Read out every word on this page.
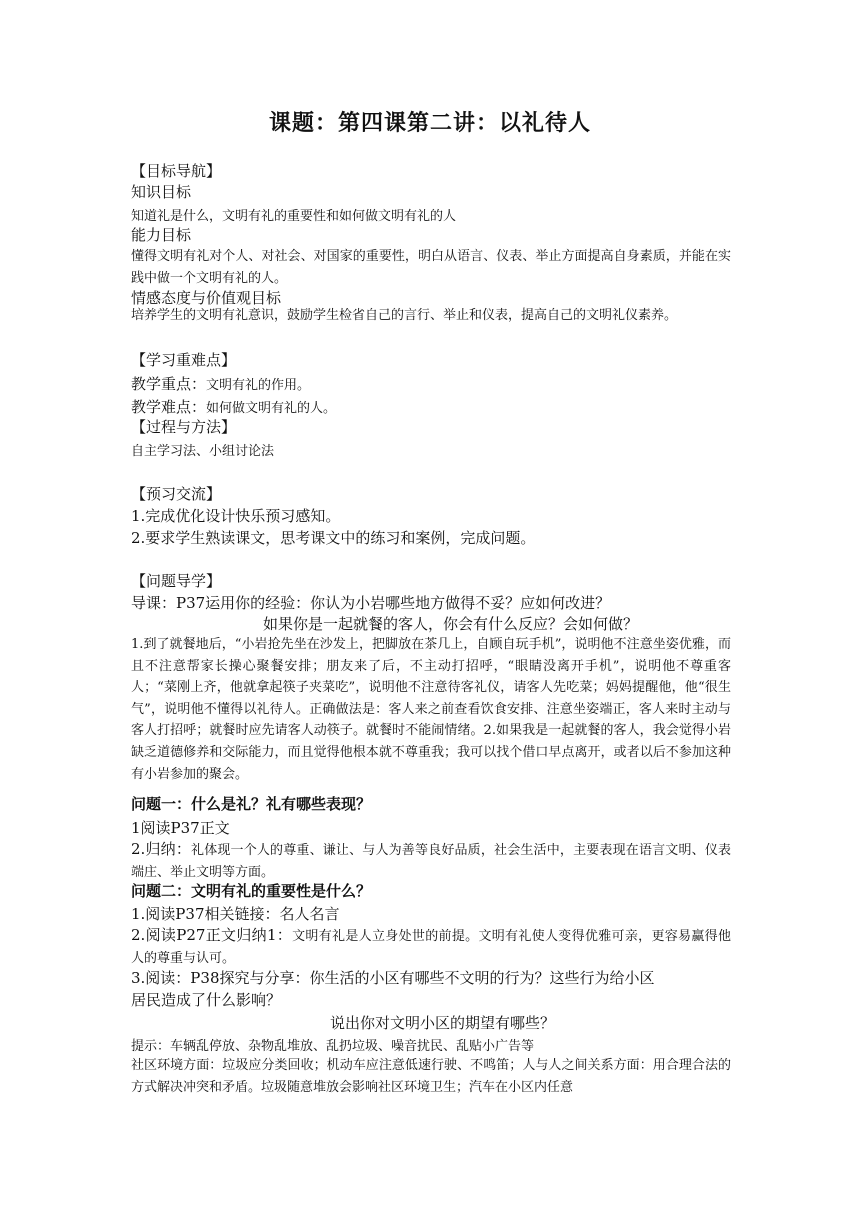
课题：第四课第二讲：以礼待人
【目标导航】
知识目标
知道礼是什么，文明有礼的重要性和如何做文明有礼的人
能力目标
懂得文明有礼对个人、对社会、对国家的重要性，明白从语言、仪表、举止方面提高自身素质，并能在实践中做一个文明有礼的人。
情感态度与价值观目标
培养学生的文明有礼意识，鼓励学生检省自己的言行、举止和仪表，提高自己的文明礼仪素养。
【学习重难点】
教学重点：文明有礼的作用。
教学难点：如何做文明有礼的人。
【过程与方法】
自主学习法、小组讨论法
【预习交流】
1.完成优化设计快乐预习感知。
2.要求学生熟读课文，思考课文中的练习和案例，完成问题。
【问题导学】
导课：P37运用你的经验：你认为小岩哪些地方做得不妥？应如何改进？
如果你是一起就餐的客人，你会有什么反应？会如何做？
1.到了就餐地后，“小岩抢先坐在沙发上，把脚放在茶几上，自顾自玩手机”，说明他不注意坐姿优雅，而且不注意帮家长操心聚餐安排；朋友来了后，不主动打招呼，“眼睛没离开手机”，说明他不尊重客人；“菜刚上齐，他就拿起筷子夹菜吃”，说明他不注意待客礼仪，请客人先吃菜；妈妈提醒他，他“很生气”，说明他不懂得以礼待人。正确做法是：客人来之前查看饮食安排、注意坐姿端正，客人来时主动与客人打招呼；就餐时应先请客人动筷子。就餐时不能闹情绪。2.如果我是一起就餐的客人，我会觉得小岩缺乏道德修养和交际能力，而且觉得他根本就不尊重我；我可以找个借口早点离开，或者以后不参加这种有小岩参加的聚会。
问题一：什么是礼？礼有哪些表现？
1阅读P37正文
2.归纳：礼体现一个人的尊重、谦让、与人为善等良好品质，社会生活中，主要表现在语言文明、仪表端庄、举止文明等方面。
问题二：文明有礼的重要性是什么？
1.阅读P37相关链接：名人名言
2.阅读P27正文归纳1：文明有礼是人立身处世的前提。文明有礼使人变得优雅可亲，更容易赢得他人的尊重与认可。
3.阅读：P38探究与分享：你生活的小区有哪些不文明的行为？这些行为给小区
居民造成了什么影响？
说出你对文明小区的期望有哪些？
提示：车辆乱停放、杂物乱堆放、乱扔垃圾、噪音扰民、乱贴小广告等
社区环境方面：垃圾应分类回收；机动车应注意低速行驶、不鸣笛；人与人之间关系方面：用合理合法的方式解决冲突和矛盾。垃圾随意堆放会影响社区环境卫生；汽车在小区内任意
